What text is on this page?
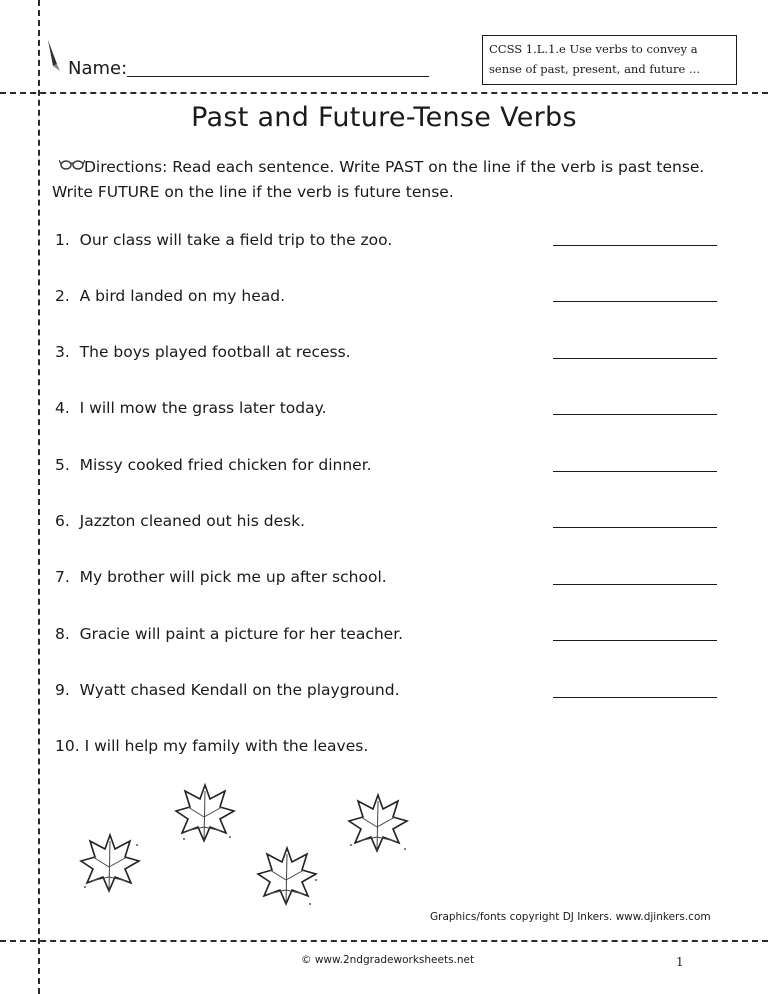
Name:
CCSS 1.L.1.e Use verbs to convey a sense of past, present, and future ...
Past and Future-Tense Verbs
Directions: Read each sentence. Write PAST on the line if the verb is past tense. Write FUTURE on the line if the verb is future tense.
1. Our class will take a field trip to the zoo.
2. A bird landed on my head.
3. The boys played football at recess.
4. I will mow the grass later today.
5. Missy cooked fried chicken for dinner.
6. Jazzton cleaned out his desk.
7. My brother will pick me up after school.
8. Gracie will paint a picture for her teacher.
9. Wyatt chased Kendall on the playground.
10. I will help my family with the leaves.
Graphics/fonts copyright DJ Inkers. www.djinkers.com
© www.2ndgradeworksheets.net	1
